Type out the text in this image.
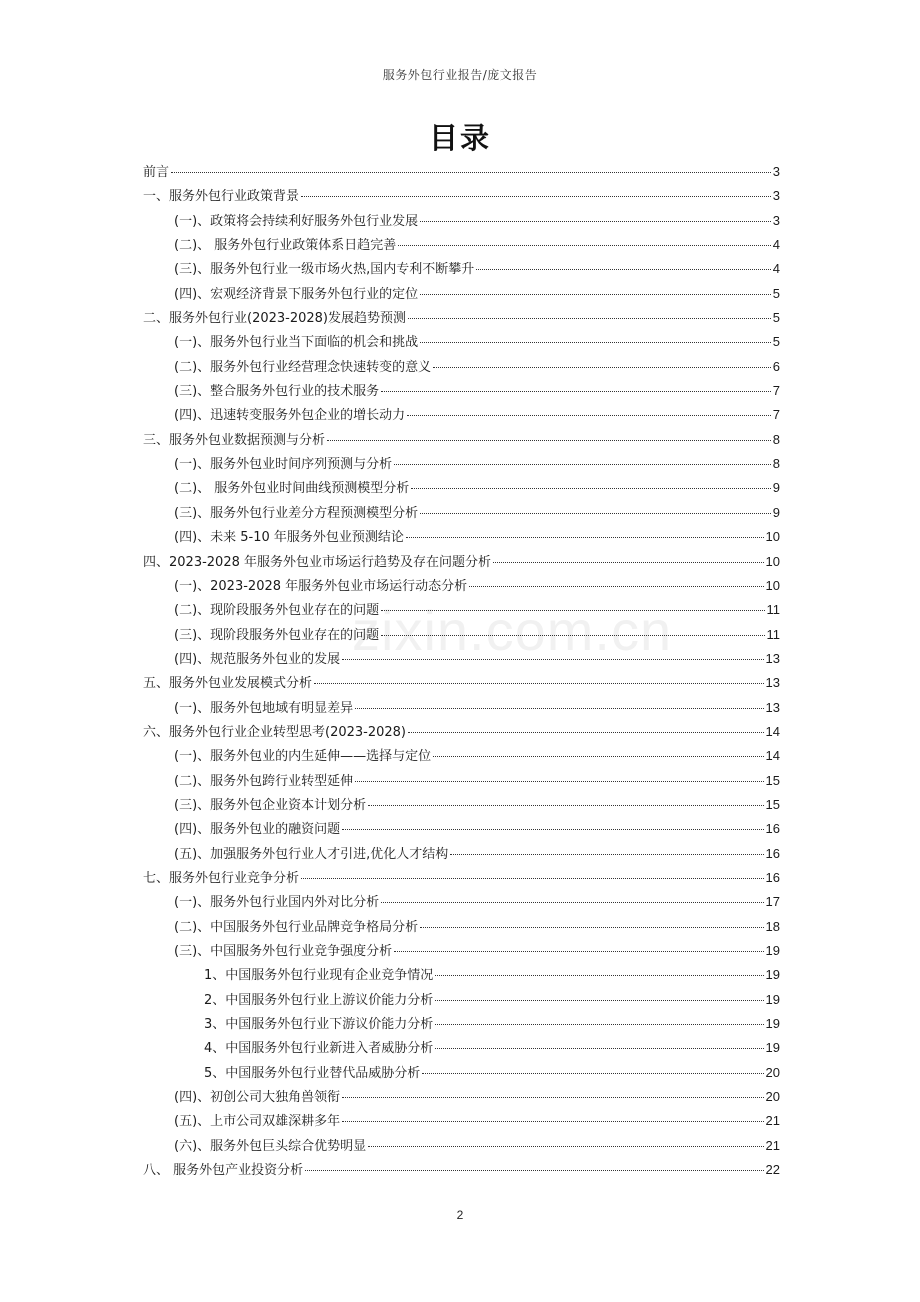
服务外包行业报告/庞文报告
目录
zixin.com.cn
前言	3
一、服务外包行业政策背景	3
(一)、政策将会持续利好服务外包行业发展	3
(二)、 服务外包行业政策体系日趋完善	4
(三)、服务外包行业一级市场火热,国内专利不断攀升	4
(四)、宏观经济背景下服务外包行业的定位	5
二、服务外包行业(2023-2028)发展趋势预测	5
(一)、服务外包行业当下面临的机会和挑战	5
(二)、服务外包行业经营理念快速转变的意义	6
(三)、整合服务外包行业的技术服务	7
(四)、迅速转变服务外包企业的增长动力	7
三、服务外包业数据预测与分析	8
(一)、服务外包业时间序列预测与分析	8
(二)、 服务外包业时间曲线预测模型分析	9
(三)、服务外包行业差分方程预测模型分析	9
(四)、未来 5-10 年服务外包业预测结论	10
四、2023-2028 年服务外包业市场运行趋势及存在问题分析	10
(一)、2023-2028 年服务外包业市场运行动态分析	10
(二)、现阶段服务外包业存在的问题	11
(三)、现阶段服务外包业存在的问题	11
(四)、规范服务外包业的发展	13
五、服务外包业发展模式分析	13
(一)、服务外包地域有明显差异	13
六、服务外包行业企业转型思考(2023-2028)	14
(一)、服务外包业的内生延伸——选择与定位	14
(二)、服务外包跨行业转型延伸	15
(三)、服务外包企业资本计划分析	15
(四)、服务外包业的融资问题	16
(五)、加强服务外包行业人才引进,优化人才结构	16
七、服务外包行业竞争分析	16
(一)、服务外包行业国内外对比分析	17
(二)、中国服务外包行业品牌竞争格局分析	18
(三)、中国服务外包行业竞争强度分析	19
1、中国服务外包行业现有企业竞争情况	19
2、中国服务外包行业上游议价能力分析	19
3、中国服务外包行业下游议价能力分析	19
4、中国服务外包行业新进入者威胁分析	19
5、中国服务外包行业替代品威胁分析	20
(四)、初创公司大独角兽领衔	20
(五)、上市公司双雄深耕多年	21
(六)、服务外包巨头综合优势明显	21
八、 服务外包产业投资分析	22
2
